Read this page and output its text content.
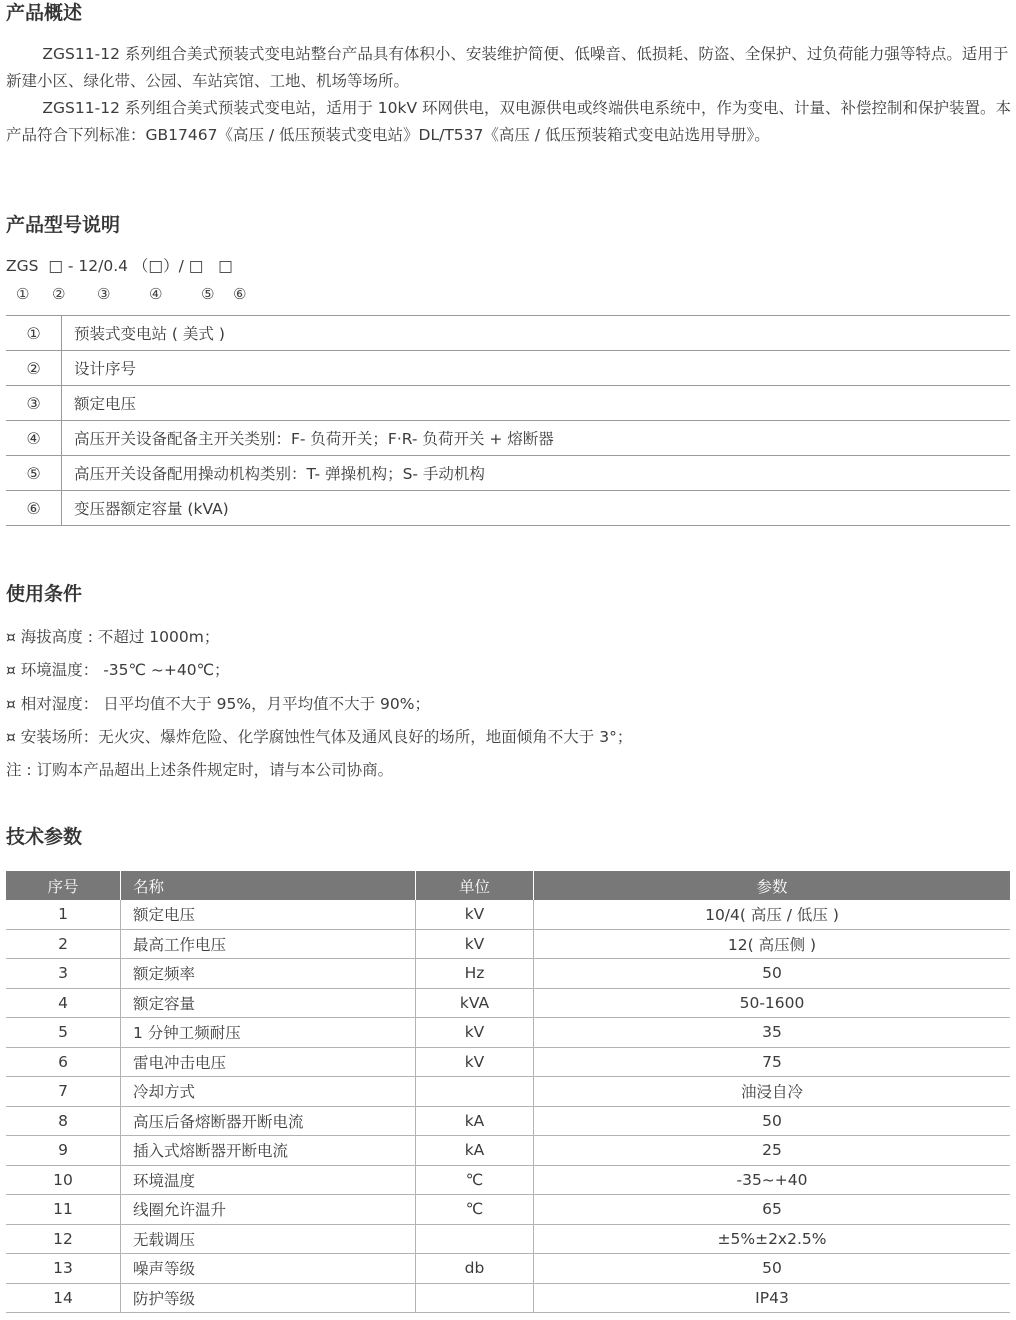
产品概述

ZGS11-12 系列组合美式预装式变电站整台产品具有体积小、安装维护简便、低噪音、低损耗、防盗、全保护、过负荷能力强等特点。适用于新建小区、绿化带、公园、车站宾馆、工地、机场等场所。

ZGS11-12 系列组合美式预装式变电站，适用于 10kV 环网供电，双电源供电或终端供电系统中，作为变电、计量、补偿控制和保护装置。本产品符合下列标准：GB17467《高压 / 低压预装式变电站》DL/T537《高压 / 低压预装箱式变电站选用导册》。

产品型号说明
ZGS  □ - 12/0.4 （□）/ □   □
① ② ③	④	⑤ ⑥
①	预装式变电站 ( 美式 )
②	设计序号
③	额定电压
④	高压开关设备配备主开关类别：F- 负荷开关；F·R- 负荷开关 + 熔断器
⑤	高压开关设备配用操动机构类别：T- 弹操机构；S- 手动机构
⑥	变压器额定容量 (kVA)
使用条件
¤ 海拔高度 : 不超过 1000m；
¤ 环境温度： -35℃ ~+40℃；
¤ 相对湿度： 日平均值不大于 95%，月平均值不大于 90%；
¤ 安装场所：无火灾、爆炸危险、化学腐蚀性气体及通风良好的场所，地面倾角不大于 3°；
注 : 订购本产品超出上述条件规定时，请与本公司协商。
技术参数
序号	名称	单位	参数
1	额定电压	kV	10/4( 高压 / 低压 )
2	最高工作电压	kV	12( 高压侧 )
3	额定频率	Hz	50
4	额定容量	kVA	50-1600
5	1 分钟工频耐压	kV	35
6	雷电冲击电压	kV	75
7	冷却方式		油浸自冷
8	高压后备熔断器开断电流	kA	50
9	插入式熔断器开断电流	kA	25
10	环境温度	℃	-35~+40
11	线圈允许温升	℃	65
12	无载调压		±5%±2x2.5%
13	噪声等级	db	50
14	防护等级		IP43
